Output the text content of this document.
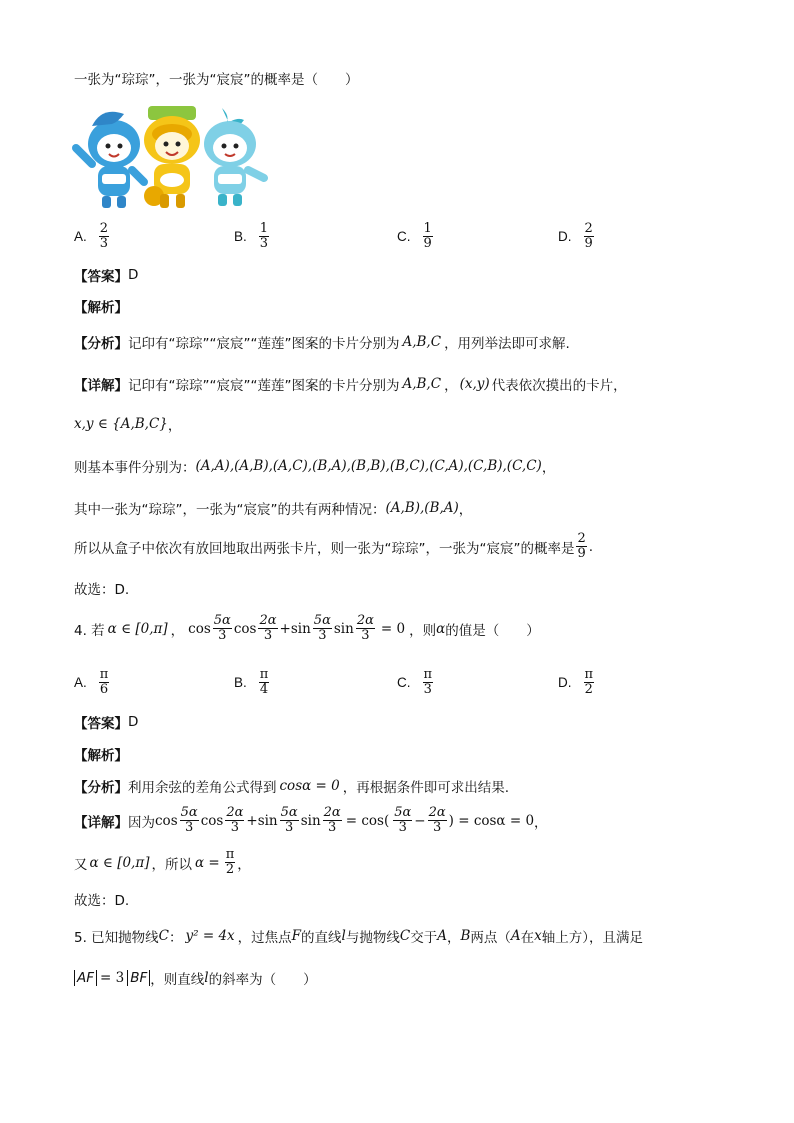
一张为“琮琮”，一张为“宸宸”的概率是（　　）
A. $\frac{2}{3}$	B. $\frac{1}{3}$	C. $\frac{1}{9}$	D. $\frac{2}{9}$
【答案】 D
【解析】
【分析】 记印有“琮琮”“宸宸”“莲莲”图案的卡片分别为 A,B,C ，用列举法即可求解.
【详解】 记印有“琮琮”“宸宸”“莲莲”图案的卡片分别为 A,B,C ， (x,y) 代表依次摸出的卡片，
x,y ∈ {A,B,C} ，
则基本事件分别为： (A,A),(A,B),(A,C),(B,A),(B,B),(B,C),(C,A),(C,B),(C,C) ，
其中一张为“琮琮”，一张为“宸宸”的共有两种情况： (A,B),(B,A) ，
所以从盒子中依次有放回地取出两张卡片，则一张为“琮琮”，一张为“宸宸”的概率是 $\frac{2}{9}$ .
故选：D.
4. 若 α ∈ [0,π] ， $\cos \frac{5\alpha}{3}$ $\cos \frac{2\alpha}{3} + \sin \frac{5\alpha}{3}$ $\sin \frac{2\alpha}{3} = 0$ ，则 α 的值是（　　）
A. $\frac{\pi}{6}$	B. $\frac{\pi}{4}$	C. $\frac{\pi}{3}$	D. $\frac{\pi}{2}$
【答案】 D
【解析】
【分析】 利用余弦的差角公式得到 cosα = 0 ，再根据条件即可求出结果.
【详解】 因为 $\cos \frac{5\alpha}{3}$ $\cos \frac{2\alpha}{3} + \sin \frac{5\alpha}{3}$ $\sin \frac{2\alpha}{3} = \cos( \frac{5\alpha}{3} - \frac{2\alpha}{3}$ ) = cosα = 0 ，
又 α ∈ [0,π] ，所以 $\alpha = \frac{\pi}{2}$ ，
故选：D.
5. 已知抛物线 C ： y² = 4x ，过焦点 F 的直线 l 与抛物线 C 交于 A ， B 两点（ A 在 x 轴上方），且满足
AF = 3 BF ，则直线 l 的斜率为（　　）
